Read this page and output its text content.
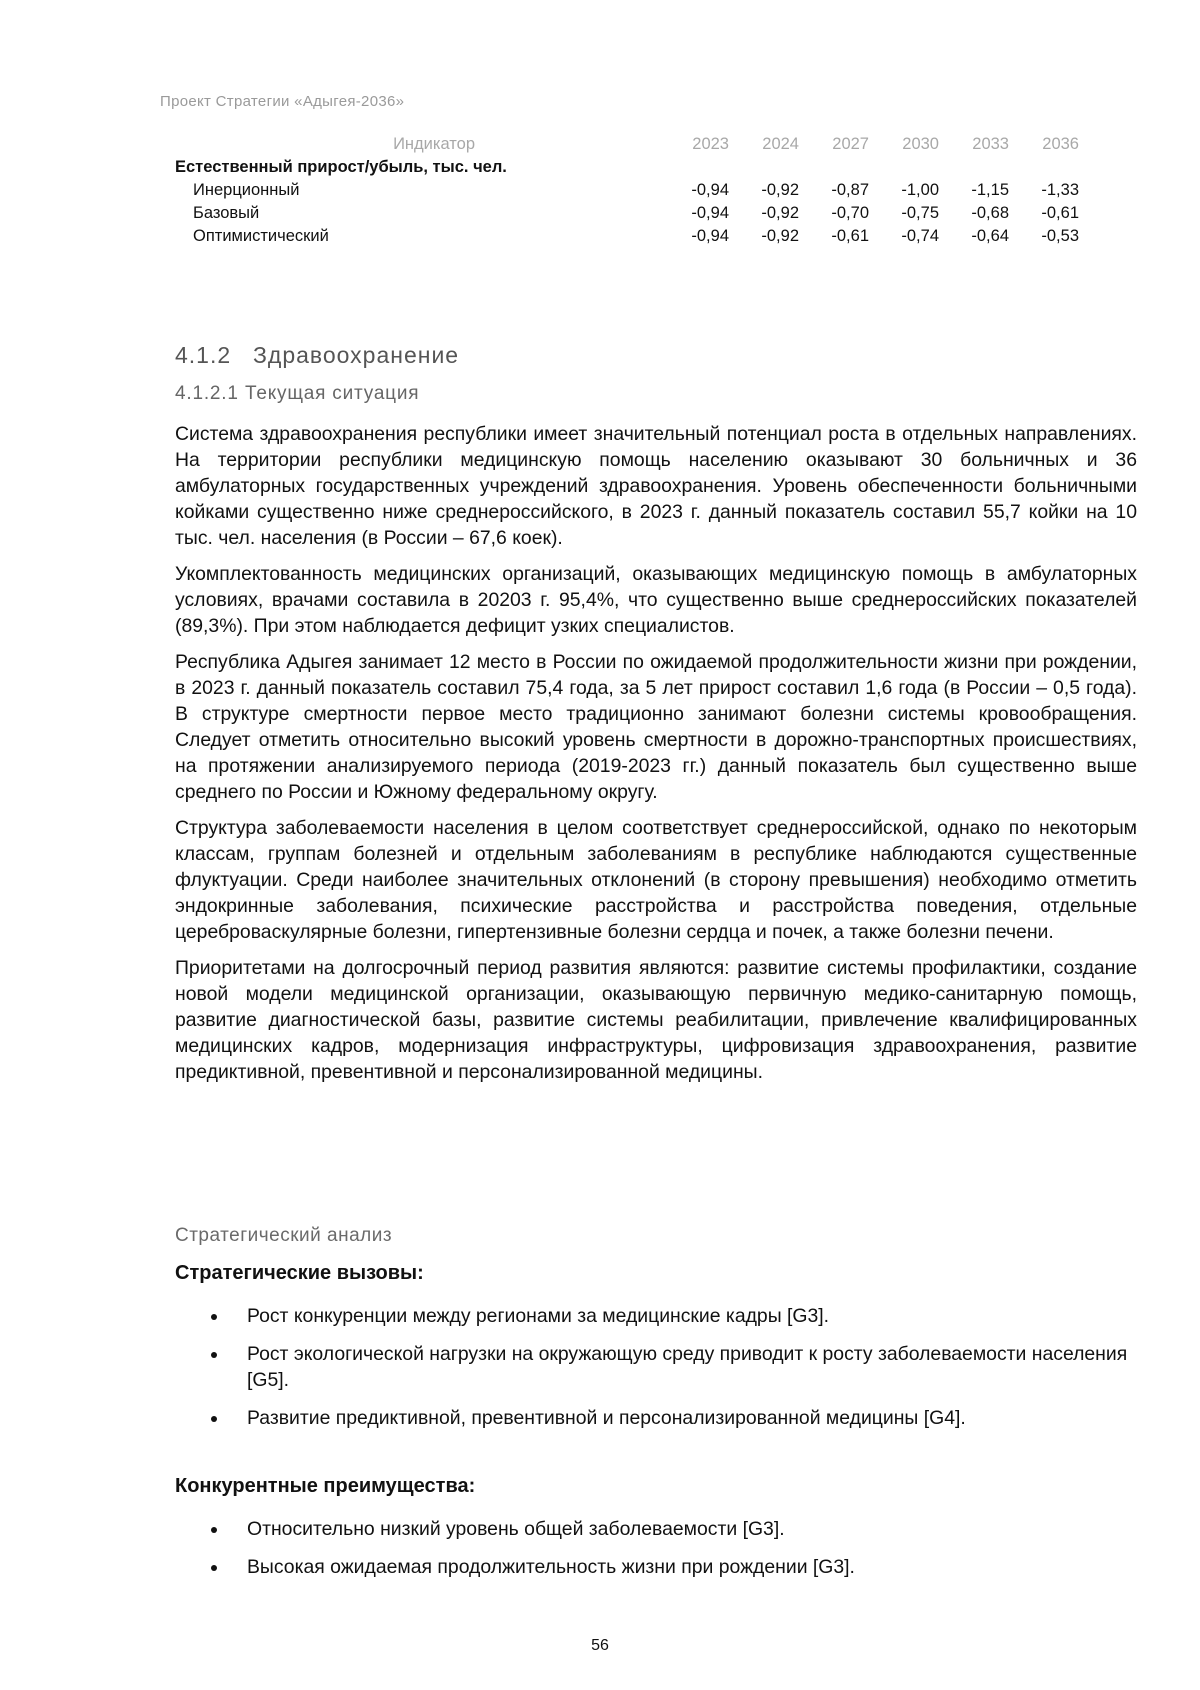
Проект Стратегии «Адыгея-2036»
Индикатор		2023	2024	2027	2030	2033	2036
Естественный прирост/убыль, тыс. чел.							
Инерционный		-0,94	-0,92	-0,87	-1,00	-1,15	-1,33
Базовый		-0,94	-0,92	-0,70	-0,75	-0,68	-0,61
Оптимистический		-0,94	-0,92	-0,61	-0,74	-0,64	-0,53
4.1.2 Здравоохранение
4.1.2.1 Текущая ситуация

Система здравоохранения республики имеет значительный потенциал роста в отдельных направлениях. На территории республики медицинскую помощь населению оказывают 30 больничных и 36 амбулаторных государственных учреждений здравоохранения. Уровень обеспеченности больничными койками существенно ниже среднероссийского, в 2023 г. данный показатель составил 55,7 койки на 10 тыс. чел. населения (в России – 67,6 коек).

Укомплектованность медицинских организаций, оказывающих медицинскую помощь в амбулаторных условиях, врачами составила в 20203 г. 95,4%, что существенно выше среднероссийских показателей (89,3%). При этом наблюдается дефицит узких специалистов.

Республика Адыгея занимает 12 место в России по ожидаемой продолжительности жизни при рождении, в 2023 г. данный показатель составил 75,4 года, за 5 лет прирост составил 1,6 года (в России – 0,5 года). В структуре смертности первое место традиционно занимают болезни системы кровообращения. Следует отметить относительно высокий уровень смертности в дорожно-транспортных происшествиях, на протяжении анализируемого периода (2019-2023 гг.) данный показатель был существенно выше среднего по России и Южному федеральному округу.

Структура заболеваемости населения в целом соответствует среднероссийской, однако по некоторым классам, группам болезней и отдельным заболеваниям в республике наблюдаются существенные флуктуации. Среди наиболее значительных отклонений (в сторону превышения) необходимо отметить эндокринные заболевания, психические расстройства и расстройства поведения, отдельные цереброваскулярные болезни, гипертензивные болезни сердца и почек, а также болезни печени.

Приоритетами на долгосрочный период развития являются: развитие системы профилактики, создание новой модели медицинской организации, оказывающую первичную медико-санитарную помощь, развитие диагностической базы, развитие системы реабилитации, привлечение квалифицированных медицинских кадров, модернизация инфраструктуры, цифровизация здравоохранения, развитие предиктивной, превентивной и персонализированной медицины.

Стратегический анализ
Стратегические вызовы:
Рост конкуренции между регионами за медицинские кадры [G3].
Рост экологической нагрузки на окружающую среду приводит к росту заболеваемости населения [G5].
Развитие предиктивной, превентивной и персонализированной медицины [G4].
Конкурентные преимущества:
Относительно низкий уровень общей заболеваемости [G3].
Высокая ожидаемая продолжительность жизни при рождении [G3].
56
